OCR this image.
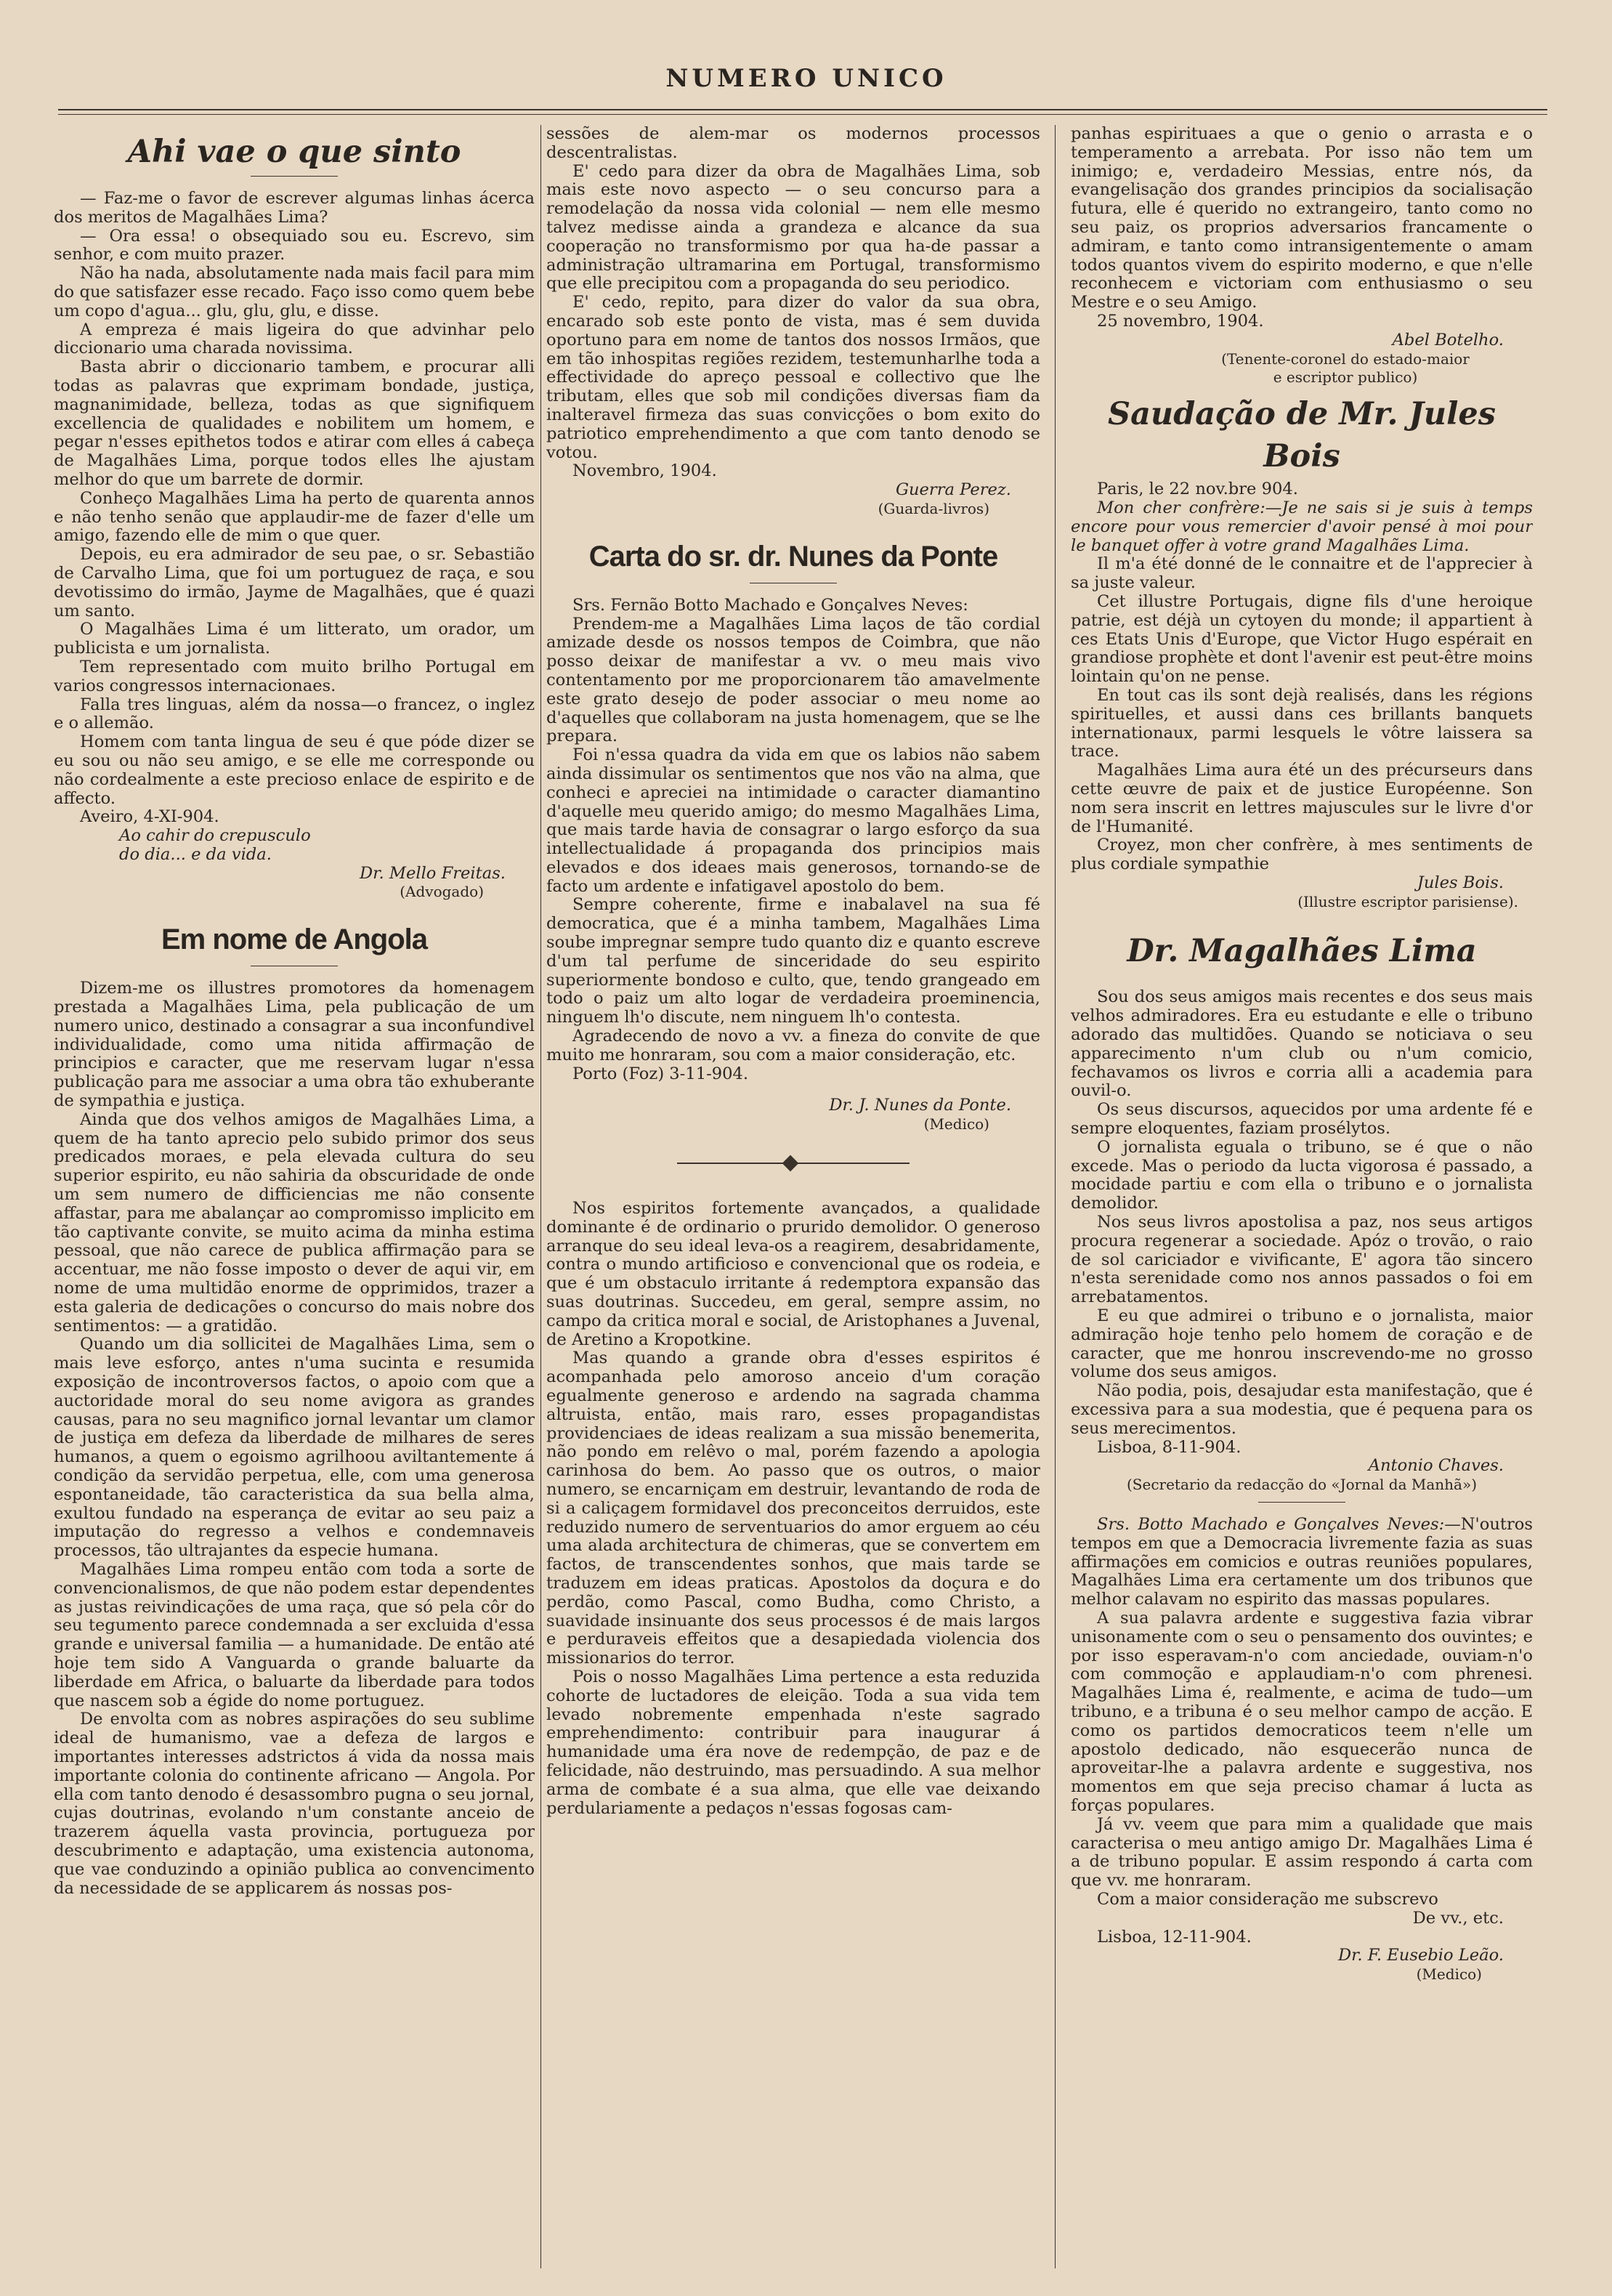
NUMERO UNICO
Ahi vae o que sinto

— Faz-me o favor de escrever algumas linhas ácerca dos meritos de Magalhães Lima?

— Ora essa! o obsequiado sou eu. Escrevo, sim senhor, e com muito prazer.

Não ha nada, absolutamente nada mais facil para mim do que satisfazer esse recado. Faço isso como quem bebe um copo d'agua... glu, glu, glu, e disse.

A empreza é mais ligeira do que advinhar pelo diccionario uma charada novissima.

Basta abrir o diccionario tambem, e procurar alli todas as palavras que exprimam bondade, justiça, magnanimidade, belleza, todas as que signifiquem excellencia de qualidades e nobilitem um homem, e pegar n'esses epithetos todos e atirar com elles á cabeça de Magalhães Lima, porque todos elles lhe ajustam melhor do que um barrete de dormir.

Conheço Magalhães Lima ha perto de quarenta annos e não tenho senão que applaudir-me de fazer d'elle um amigo, fazendo elle de mim o que quer.

Depois, eu era admirador de seu pae, o sr. Sebastião de Carvalho Lima, que foi um portuguez de raça, e sou devotissimo do irmão, Jayme de Magalhães, que é quazi um santo.

O Magalhães Lima é um litterato, um orador, um publicista e um jornalista.

Tem representado com muito brilho Portugal em varios congressos internacionaes.

Falla tres linguas, além da nossa—o francez, o inglez e o allemão.

Homem com tanta lingua de seu é que póde dizer se eu sou ou não seu amigo, e se elle me corresponde ou não cordealmente a este precioso enlace de espirito e de affecto.

Aveiro, 4-XI-904.
Ao cahir do crepusculo
do dia... e da vida.
Dr. Mello Freitas.
(Advogado)
Em nome de Angola

Dizem-me os illustres promotores da homenagem prestada a Magalhães Lima, pela publicação de um numero unico, destinado a consagrar a sua inconfundivel individualidade, como uma nitida affirmação de principios e caracter, que me reservam lugar n'essa publicação para me associar a uma obra tão exhuberante de sympathia e justiça.

Ainda que dos velhos amigos de Magalhães Lima, a quem de ha tanto aprecio pelo subido primor dos seus predicados moraes, e pela elevada cultura do seu superior espirito, eu não sahiria da obscuridade de onde um sem numero de difficiencias me não consente affastar, para me abalançar ao compromisso implicito em tão captivante convite, se muito acima da minha estima pessoal, que não carece de publica affirmação para se accentuar, me não fosse imposto o dever de aqui vir, em nome de uma multidão enorme de opprimidos, trazer a esta galeria de dedicações o concurso do mais nobre dos sentimentos: — a gratidão.

Quando um dia sollicitei de Magalhães Lima, sem o mais leve esforço, antes n'uma sucinta e resumida exposição de incontroversos factos, o apoio com que a auctoridade moral do seu nome avigora as grandes causas, para no seu magnifico jornal levantar um clamor de justiça em defeza da liberdade de milhares de seres humanos, a quem o egoismo agrilhoou aviltantemente á condição da servidão perpetua, elle, com uma generosa espontaneidade, tão caracteristica da sua bella alma, exultou fundado na esperança de evitar ao seu paiz a imputação do regresso a velhos e condemnaveis processos, tão ultrajantes da especie humana.

Magalhães Lima rompeu então com toda a sorte de convencionalismos, de que não podem estar dependentes as justas reivindicações de uma raça, que só pela côr do seu tegumento parece condemnada a ser excluida d'essa grande e universal familia — a humanidade. De então até hoje tem sido A Vanguarda o grande baluarte da liberdade em Africa, o baluarte da liberdade para todos que nascem sob a égide do nome portuguez.

De envolta com as nobres aspirações do seu sublime ideal de humanismo, vae a defeza de largos e importantes interesses adstrictos á vida da nossa mais importante colonia do continente africano — Angola. Por ella com tanto denodo é desassombro pugna o seu jornal, cujas doutrinas, evolando n'um constante anceio de trazerem áquella vasta provincia, portugueza por descubrimento e adaptação, uma existencia autonoma, que vae conduzindo a opinião publica ao convencimento da necessidade de se applicarem ás nossas pos-

sessões de alem-mar os modernos processos descentralistas.

E' cedo para dizer da obra de Magalhães Lima, sob mais este novo aspecto — o seu concurso para a remodelação da nossa vida colonial — nem elle mesmo talvez medisse ainda a grandeza e alcance da sua cooperação no transformismo por qua ha-de passar a administração ultramarina em Portugal, transformismo que elle precipitou com a propaganda do seu periodico.

E' cedo, repito, para dizer do valor da sua obra, encarado sob este ponto de vista, mas é sem duvida oportuno para em nome de tantos dos nossos Irmãos, que em tão inhospitas regiões rezidem, testemunharlhe toda a effectividade do apreço pessoal e collectivo que lhe tributam, elles que sob mil condições diversas fiam da inalteravel firmeza das suas convicções o bom exito do patriotico emprehendimento a que com tanto denodo se votou.

Novembro, 1904.
Guerra Perez.
(Guarda-livros)
Carta do sr. dr. Nunes da Ponte

Srs. Fernão Botto Machado e Gonçalves Neves:

Prendem-me a Magalhães Lima laços de tão cordial amizade desde os nossos tempos de Coimbra, que não posso deixar de manifestar a vv. o meu mais vivo contentamento por me proporcionarem tão amavelmente este grato desejo de poder associar o meu nome ao d'aquelles que collaboram na justa homenagem, que se lhe prepara.

Foi n'essa quadra da vida em que os labios não sabem ainda dissimular os sentimentos que nos vão na alma, que conheci e apreciei na intimidade o caracter diamantino d'aquelle meu querido amigo; do mesmo Magalhães Lima, que mais tarde havia de consagrar o largo esforço da sua intellectualidade á propaganda dos principios mais elevados e dos ideaes mais generosos, tornando-se de facto um ardente e infatigavel apostolo do bem.

Sempre coherente, firme e inabalavel na sua fé democratica, que é a minha tambem, Magalhães Lima soube impregnar sempre tudo quanto diz e quanto escreve d'um tal perfume de sinceridade do seu espirito superiormente bondoso e culto, que, tendo grangeado em todo o paiz um alto logar de verdadeira proeminencia, ninguem lh'o discute, nem ninguem lh'o contesta.

Agradecendo de novo a vv. a fineza do convite de que muito me honraram, sou com a maior consideração, etc.

Porto (Foz) 3-11-904.
Dr. J. Nunes da Ponte.
(Medico)

Nos espiritos fortemente avançados, a qualidade dominante é de ordinario o prurido demolidor. O generoso arranque do seu ideal leva-os a reagirem, desabridamente, contra o mundo artificioso e convencional que os rodeia, e que é um obstaculo irritante á redemptora expansão das suas doutrinas. Succedeu, em geral, sempre assim, no campo da critica moral e social, de Aristophanes a Juvenal, de Aretino a Kropotkine.

Mas quando a grande obra d'esses espiritos é acompanhada pelo amoroso anceio d'um coração egualmente generoso e ardendo na sagrada chamma altruista, então, mais raro, esses propagandistas providenciaes de ideas realizam a sua missão benemerita, não pondo em relêvo o mal, porém fazendo a apologia carinhosa do bem. Ao passo que os outros, o maior numero, se encarniçam em destruir, levantando de roda de si a caliçagem formidavel dos preconceitos derruidos, este reduzido numero de serventuarios do amor erguem ao céu uma alada architectura de chimeras, que se convertem em factos, de transcendentes sonhos, que mais tarde se traduzem em ideas praticas. Apostolos da doçura e do perdão, como Pascal, como Budha, como Christo, a suavidade insinuante dos seus processos é de mais largos e perduraveis effeitos que a desapiedada violencia dos missionarios do terror.

Pois o nosso Magalhães Lima pertence a esta reduzida cohorte de luctadores de eleição. Toda a sua vida tem levado nobremente empenhada n'este sagrado emprehendimento: contribuir para inaugurar á humanidade uma éra nove de redempção, de paz e de felicidade, não destruindo, mas persuadindo. A sua melhor arma de combate é a sua alma, que elle vae deixando perdulariamente a pedaços n'essas fogosas cam-

panhas espirituaes a que o genio o arrasta e o temperamento a arrebata. Por isso não tem um inimigo; e, verdadeiro Messias, entre nós, da evangelisação dos grandes principios da socialisação futura, elle é querido no extrangeiro, tanto como no seu paiz, os proprios adversarios francamente o admiram, e tanto como intransigentemente o amam todos quantos vivem do espirito moderno, e que n'elle reconhecem e victoriam com enthusiasmo o seu Mestre e o seu Amigo.

25 novembro, 1904.
Abel Botelho.
(Tenente-coronel do estado-maior
e escriptor publico)
Saudação de Mr. Jules Bois
Paris, le 22 nov.bre 904.

Mon cher confrère:—Je ne sais si je suis à temps encore pour vous remercier d'avoir pensé à moi pour le banquet offer à votre grand Magalhães Lima.

Il m'a été donné de le connaitre et de l'apprecier à sa juste valeur.

Cet illustre Portugais, digne fils d'une heroique patrie, est déjà un cytoyen du monde; il appartient à ces Etats Unis d'Europe, que Victor Hugo espérait en grandiose prophète et dont l'avenir est peut-être moins lointain qu'on ne pense.

En tout cas ils sont dejà realisés, dans les régions spirituelles, et aussi dans ces brillants banquets internationaux, parmi lesquels le vôtre laissera sa trace.

Magalhães Lima aura été un des précurseurs dans cette œuvre de paix et de justice Européenne. Son nom sera inscrit en lettres majuscules sur le livre d'or de l'Humanité.

Croyez, mon cher confrère, à mes sentiments de plus cordiale sympathie

Jules Bois.
(Illustre escriptor parisiense).
Dr. Magalhães Lima

Sou dos seus amigos mais recentes e dos seus mais velhos admiradores. Era eu estudante e elle o tribuno adorado das multidões. Quando se noticiava o seu apparecimento n'um club ou n'um comicio, fechavamos os livros e corria alli a academia para ouvil-o.

Os seus discursos, aquecidos por uma ardente fé e sempre eloquentes, faziam prosélytos.

O jornalista eguala o tribuno, se é que o não excede. Mas o periodo da lucta vigorosa é passado, a mocidade partiu e com ella o tribuno e o jornalista demolidor.

Nos seus livros apostolisa a paz, nos seus artigos procura regenerar a sociedade. Apóz o trovão, o raio de sol cariciador e vivificante, E' agora tão sincero n'esta serenidade como nos annos passados o foi em arrebatamentos.

E eu que admirei o tribuno e o jornalista, maior admiração hoje tenho pelo homem de coração e de caracter, que me honrou inscrevendo-me no grosso volume dos seus amigos.

Não podia, pois, desajudar esta manifestação, que é excessiva para a sua modestia, que é pequena para os seus merecimentos.

Lisboa, 8-11-904.
Antonio Chaves.
(Secretario da redacção do «Jornal da Manhã»)

Srs. Botto Machado e Gonçalves Neves:—N'outros tempos em que a Democracia livremente fazia as suas affirmações em comicios e outras reuniões populares, Magalhães Lima era certamente um dos tribunos que melhor calavam no espirito das massas populares.

A sua palavra ardente e suggestiva fazia vibrar unisonamente com o seu o pensamento dos ouvintes; e por isso esperavam-n'o com anciedade, ouviam-n'o com commoção e applaudiam-n'o com phrenesi. Magalhães Lima é, realmente, e acima de tudo—um tribuno, e a tribuna é o seu melhor campo de acção. E como os partidos democraticos teem n'elle um apostolo dedicado, não esquecerão nunca de aproveitar-lhe a palavra ardente e suggestiva, nos momentos em que seja preciso chamar á lucta as forças populares.

Já vv. veem que para mim a qualidade que mais caracterisa o meu antigo amigo Dr. Magalhães Lima é a de tribuno popular. E assim respondo á carta com que vv. me honraram.

Com a maior consideração me subscrevo

De vv., etc.
Lisboa, 12-11-904.
Dr. F. Eusebio Leão.
(Medico)
